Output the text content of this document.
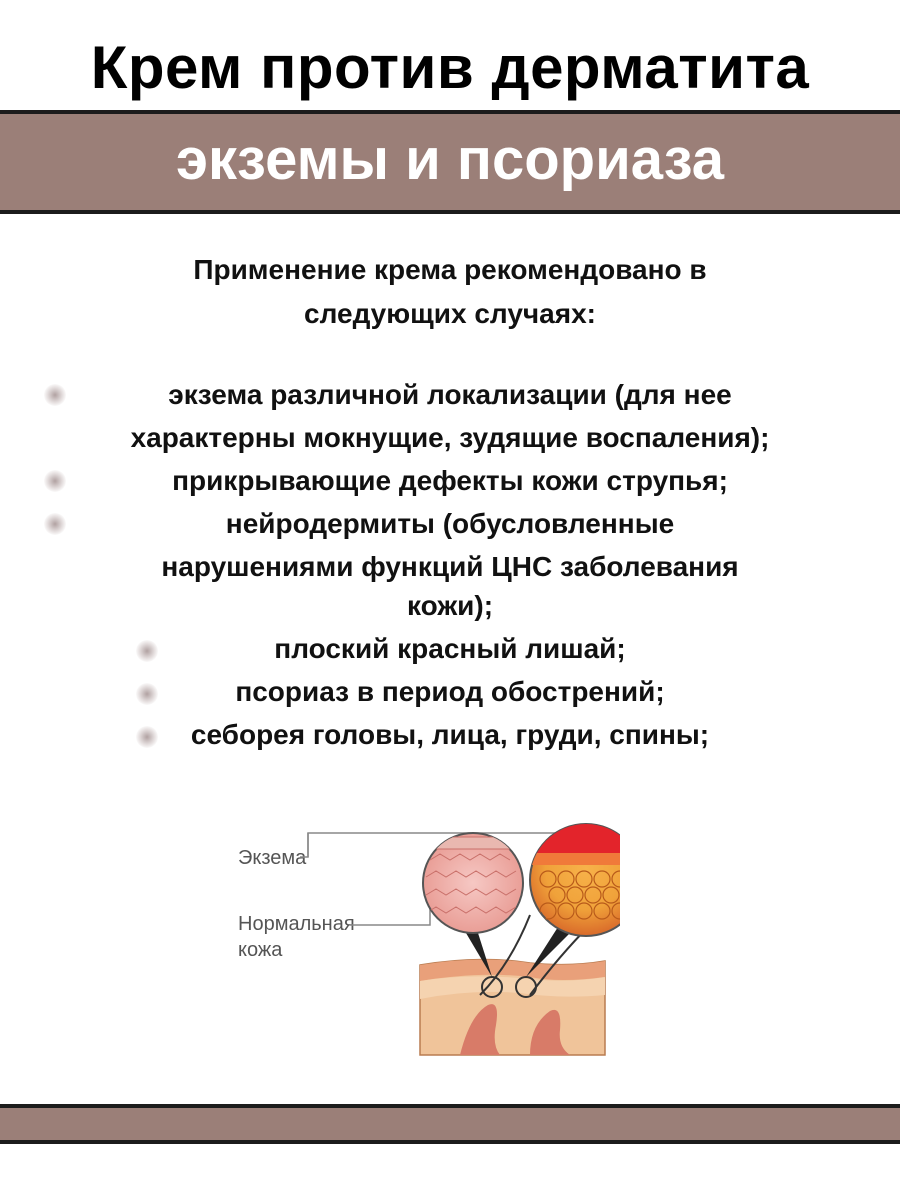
Крем против дерматита
экземы и псориаза
Применение крема рекомендовано в
следующих случаях:
экзема различной локализации (для нее
характерны мокнущие, зудящие воспаления);
прикрывающие дефекты кожи струпья;
нейродермиты (обусловленные
нарушениями функций ЦНС заболевания
кожи);
плоский красный лишай;
псориаз в период обострений;
себорея головы, лица, груди, спины;
Экзема
Нормальная
кожа
